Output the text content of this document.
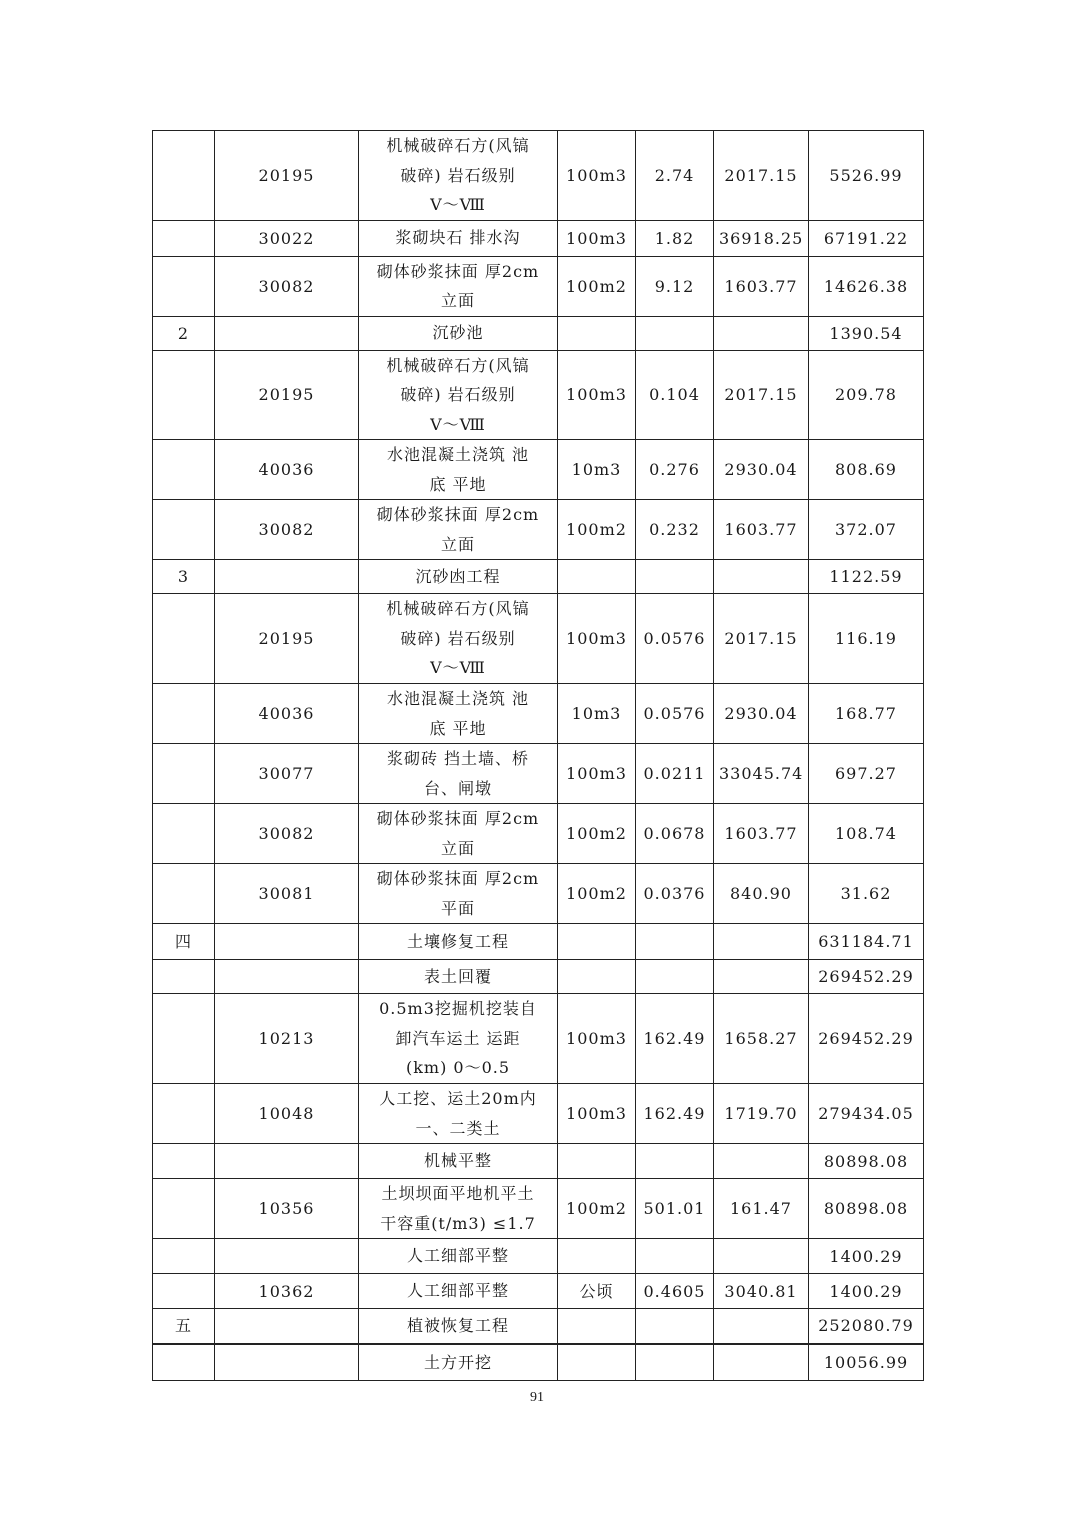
	20195	机械破碎石方(风镐
破碎) 岩石级别
Ⅴ～Ⅷ	100m3	2.74	2017.15	5526.99
	30022	浆砌块石 排水沟	100m3	1.82	36918.25	67191.22
	30082	砌体砂浆抹面 厚2cm
立面	100m2	9.12	1603.77	14626.38
2		沉砂池				1390.54
	20195	机械破碎石方(风镐
破碎) 岩石级别
Ⅴ～Ⅷ	100m3	0.104	2017.15	209.78
	40036	水池混凝土浇筑 池
底 平地	10m3	0.276	2930.04	808.69
	30082	砌体砂浆抹面 厚2cm
立面	100m2	0.232	1603.77	372.07
3		沉砂凼工程				1122.59
	20195	机械破碎石方(风镐
破碎) 岩石级别
Ⅴ～Ⅷ	100m3	0.0576	2017.15	116.19
	40036	水池混凝土浇筑 池
底 平地	10m3	0.0576	2930.04	168.77
	30077	浆砌砖 挡土墙、桥
台、闸墩	100m3	0.0211	33045.74	697.27
	30082	砌体砂浆抹面 厚2cm
立面	100m2	0.0678	1603.77	108.74
	30081	砌体砂浆抹面 厚2cm
平面	100m2	0.0376	840.90	31.62
四		土壤修复工程				631184.71
		表土回覆				269452.29
	10213	0.5m3挖掘机挖装自
卸汽车运土 运距
(km) 0～0.5	100m3	162.49	1658.27	269452.29
	10048	人工挖、运土20m内
一、二类土	100m3	162.49	1719.70	279434.05
		机械平整				80898.08
	10356	土坝坝面平地机平土
干容重(t/m3) ≤1.7	100m2	501.01	161.47	80898.08
		人工细部平整				1400.29
	10362	人工细部平整	公顷	0.4605	3040.81	1400.29
五		植被恢复工程				252080.79
		土方开挖				10056.99
91
